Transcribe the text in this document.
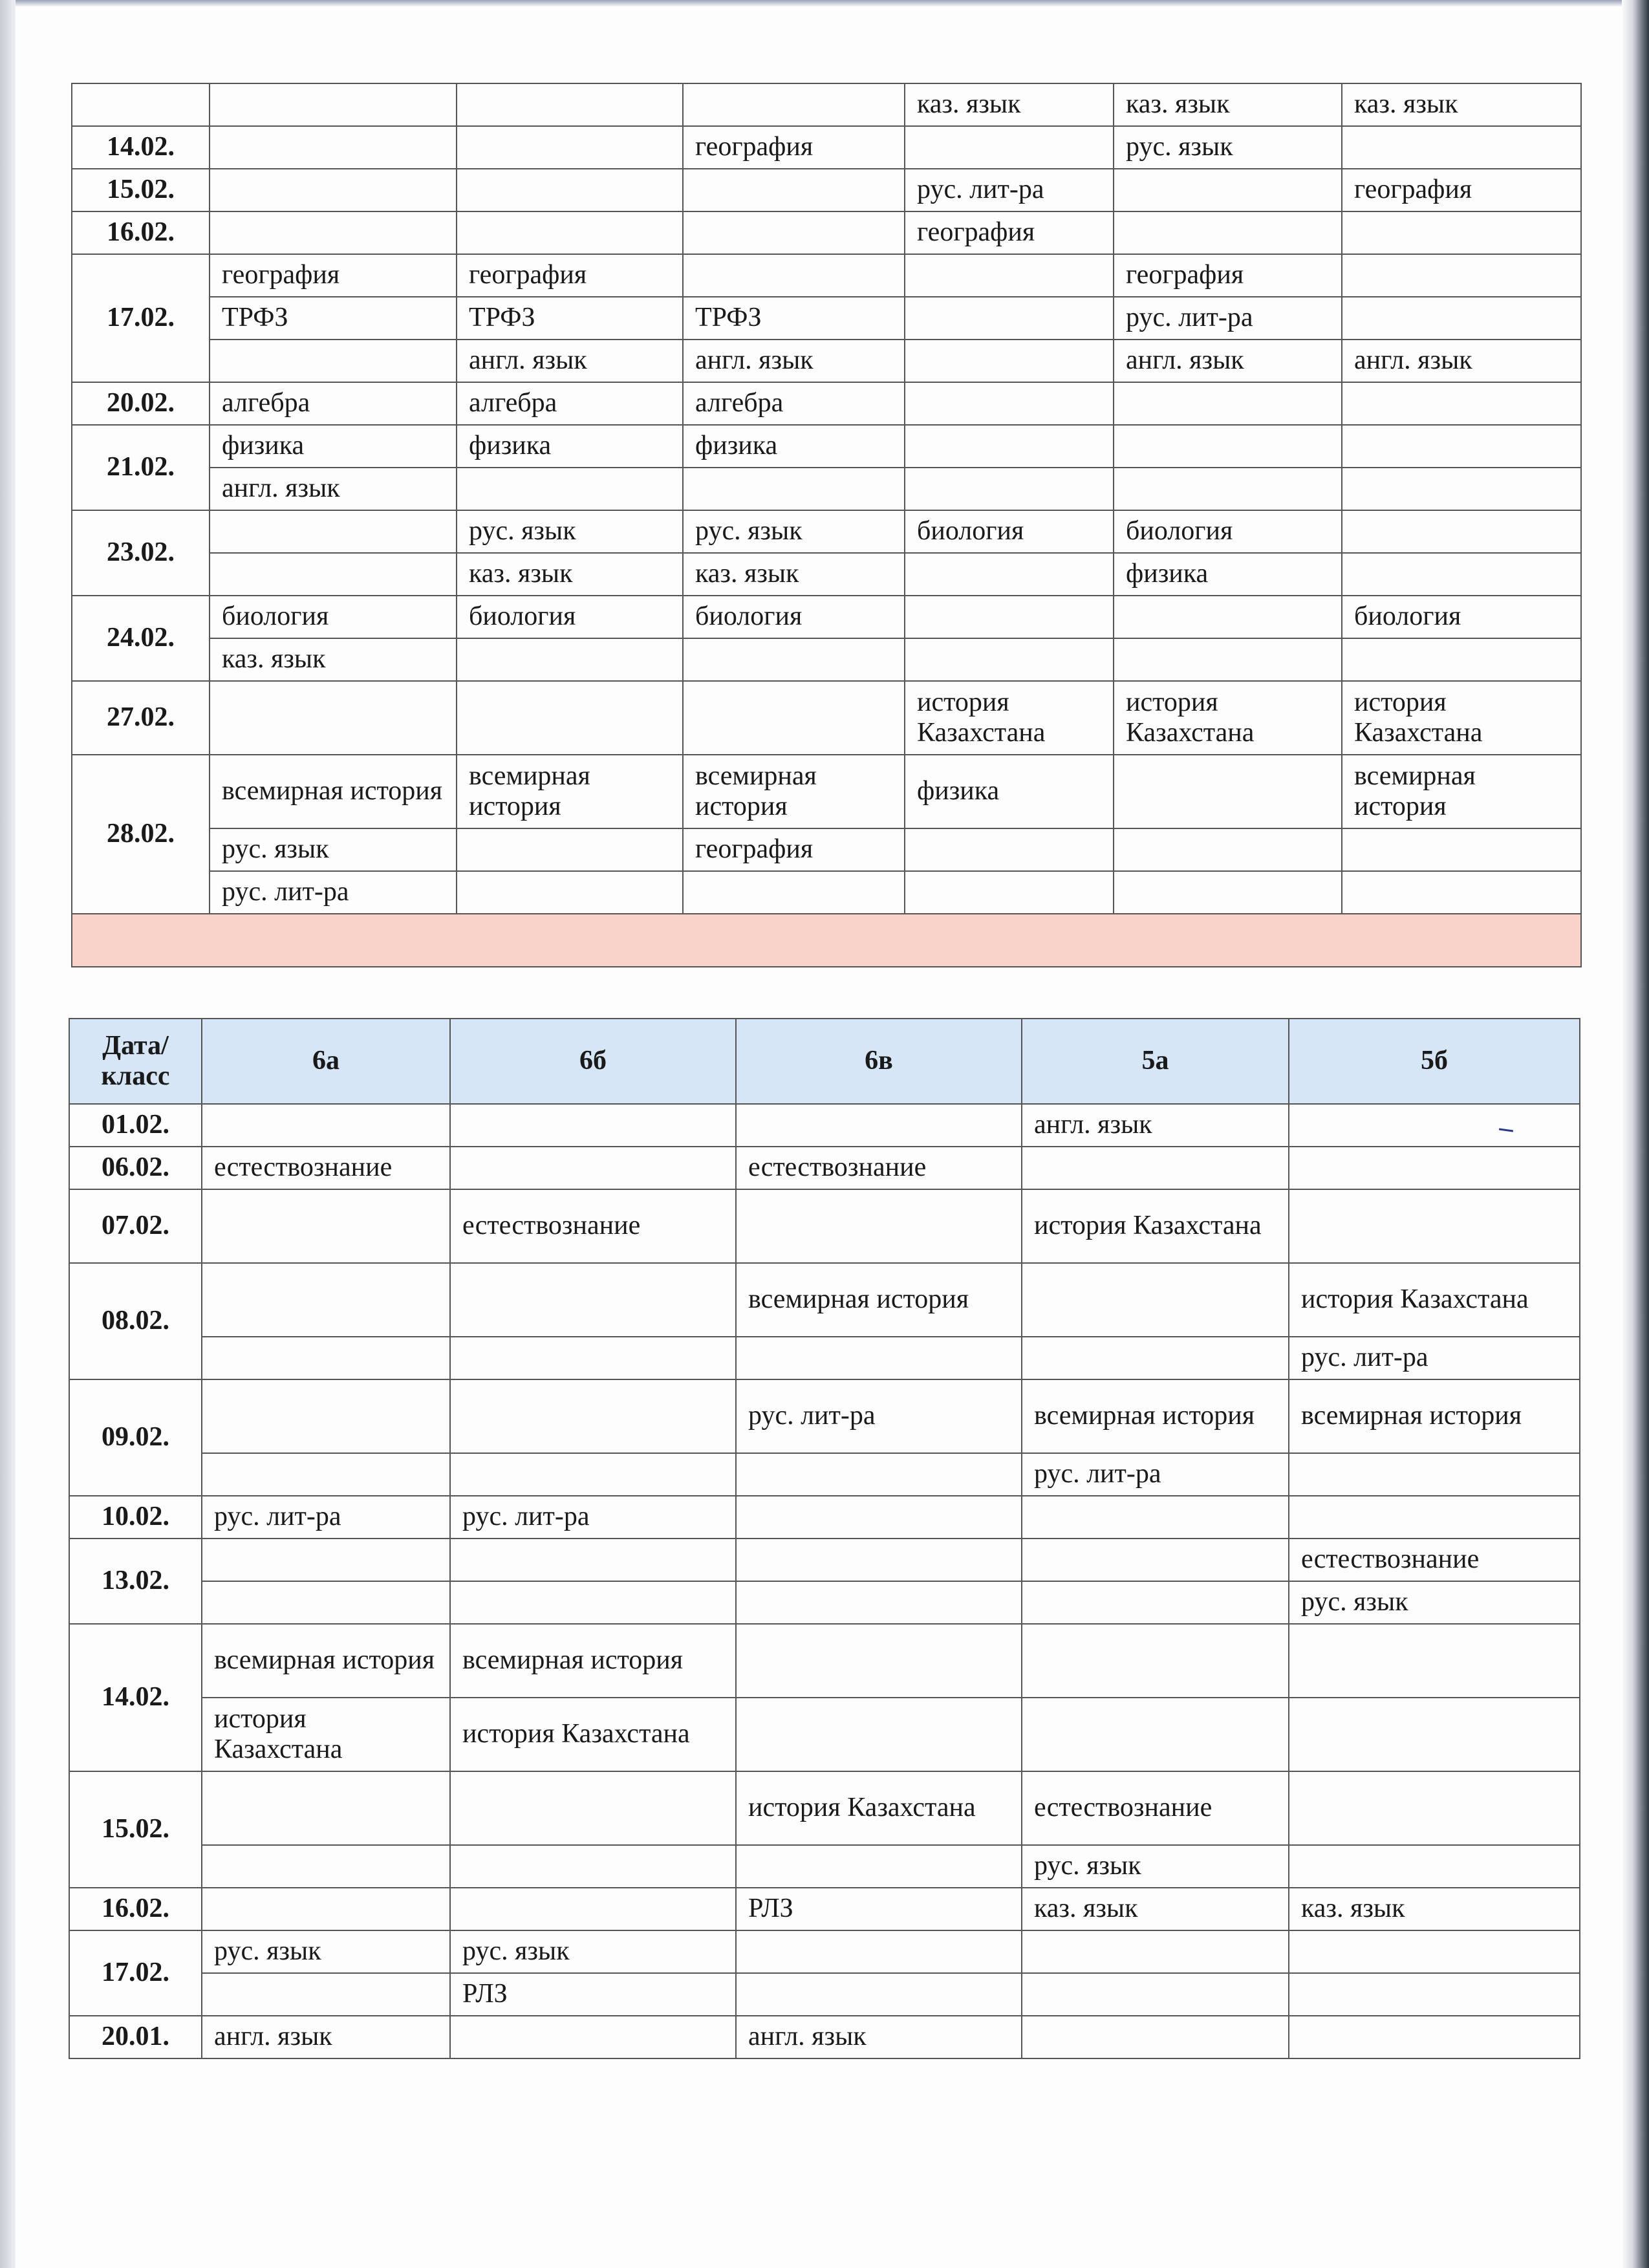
				каз. язык	каз. язык	каз. язык
14.02.			география		рус. язык	
15.02.				рус. лит-ра		география
16.02.				география		
17.02.	география	география			география	
	ТРФЗ	ТРФЗ	ТРФЗ		рус. лит-ра	
		англ. язык	англ. язык		англ. язык	англ. язык
20.02.	алгебра	алгебра	алгебра			
21.02.	физика	физика	физика			
	англ. язык					
23.02.		рус. язык	рус. язык	биология	биология	
		каз. язык	каз. язык		физика	
24.02.	биология	биология	биология			биология
	каз. язык					
27.02.				история Казахстана	история Казахстана	история Казахстана
28.02.	всемирная история	всемирная история	всемирная история	физика		всемирная история
	рус. язык		география			
	рус. лит-ра					

Дата/ класс	6а	6б	6в	5а	5б
01.02.				англ. язык	
06.02.	естествознание		естествознание		
07.02.		естествознание		история Казахстана	
08.02.			всемирная история		история Казахстана
					рус. лит-ра
09.02.			рус. лит-ра	всемирная история	всемирная история
				рус. лит-ра	
10.02.	рус. лит-ра	рус. лит-ра			
13.02.					естествознание
					рус. язык
14.02.	всемирная история	всемирная история			
	история Казахстана	история Казахстана			
15.02.			история Казахстана	естествознание	
				рус. язык	
16.02.			РЛЗ	каз. язык	каз. язык
17.02.	рус. язык	рус. язык			
		РЛЗ			
20.01.	англ. язык		англ. язык		
